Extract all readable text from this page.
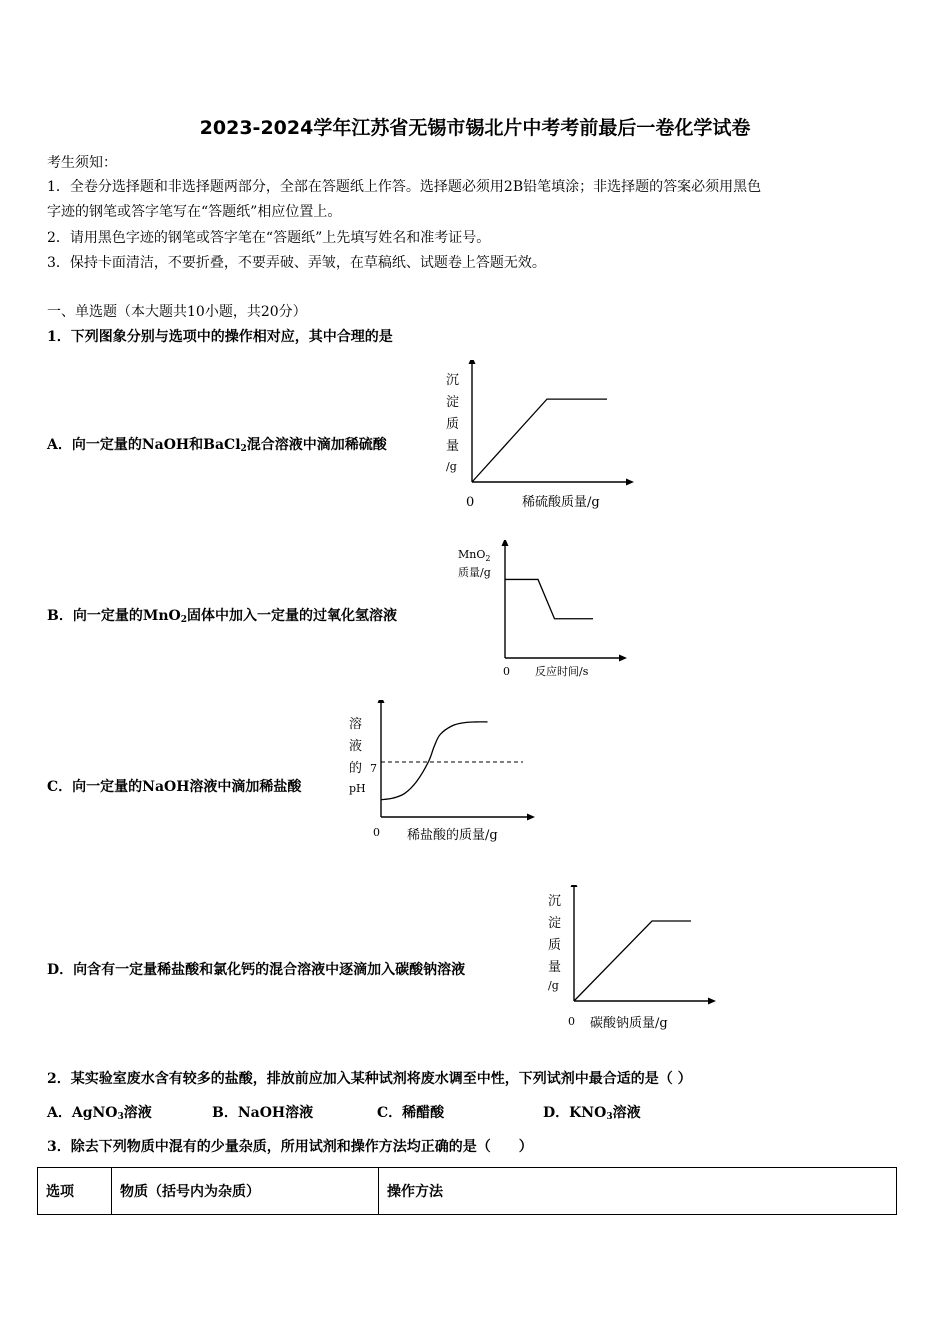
2023-2024学年江苏省无锡市锡北片中考考前最后一卷化学试卷
考生须知：
1．全卷分选择题和非选择题两部分，全部在答题纸上作答。选择题必须用2B铅笔填涂；非选择题的答案必须用黑色
字迹的钢笔或答字笔写在“答题纸”相应位置上。
2．请用黑色字迹的钢笔或答字笔在“答题纸”上先填写姓名和准考证号。
3．保持卡面清洁，不要折叠，不要弄破、弄皱，在草稿纸、试题卷上答题无效。
一、单选题（本大题共10小题，共20分）
1．下列图象分别与选项中的操作相对应，其中合理的是
A．向一定量的NaOH和BaCl$_2$混合溶液中滴加稀硫酸
沉
淀
质
量
/g
0	稀硫酸质量/g
B．向一定量的MnO$_2$固体中加入一定量的过氧化氢溶液
MnO$_2$
质量/g
0 反应时间/s
C．向一定量的NaOH溶液中滴加稀盐酸
溶
液
的 7
pH
0 稀盐酸的质量/g
D．向含有一定量稀盐酸和氯化钙的混合溶液中逐滴加入碳酸钠溶液
沉
淀
质
量
/g
0 碳酸钠质量/g
2．某实验室废水含有较多的盐酸，排放前应加入某种试剂将废水调至中性，下列试剂中最合适的是（ ）
A．AgNO$_3$溶液	B．NaOH溶液	C．稀醋酸	D．$KNO_3$溶液
3．除去下列物质中混有的少量杂质，所用试剂和操作方法均正确的是（　　）
选项	物质（括号内为杂质）	操作方法
